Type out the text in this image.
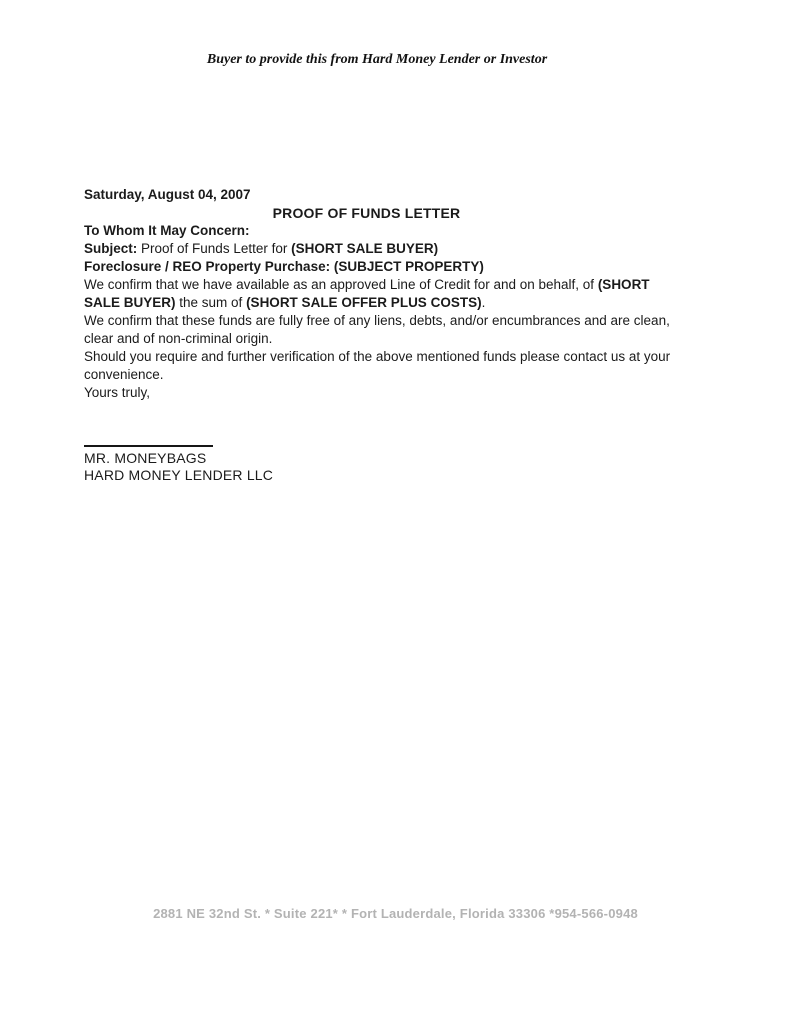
Buyer to provide this from Hard Money Lender or Investor

Saturday, August 04, 2007

PROOF OF FUNDS LETTER

To Whom It May Concern:

Subject: Proof of Funds Letter for (SHORT SALE BUYER)
Foreclosure / REO Property Purchase: (SUBJECT PROPERTY)

We confirm that we have available as an approved Line of Credit for and on behalf, of (SHORT
SALE BUYER) the sum of (SHORT SALE OFFER PLUS COSTS).

We confirm that these funds are fully free of any liens, debts, and/or encumbrances and are clean,
clear and of non-criminal origin.

Should you require and further verification of the above mentioned funds please contact us at your
convenience.

Yours truly,

MR. MONEYBAGS
HARD MONEY LENDER LLC
2881 NE 32nd St. * Suite 221* * Fort Lauderdale, Florida 33306 *954-566-0948
